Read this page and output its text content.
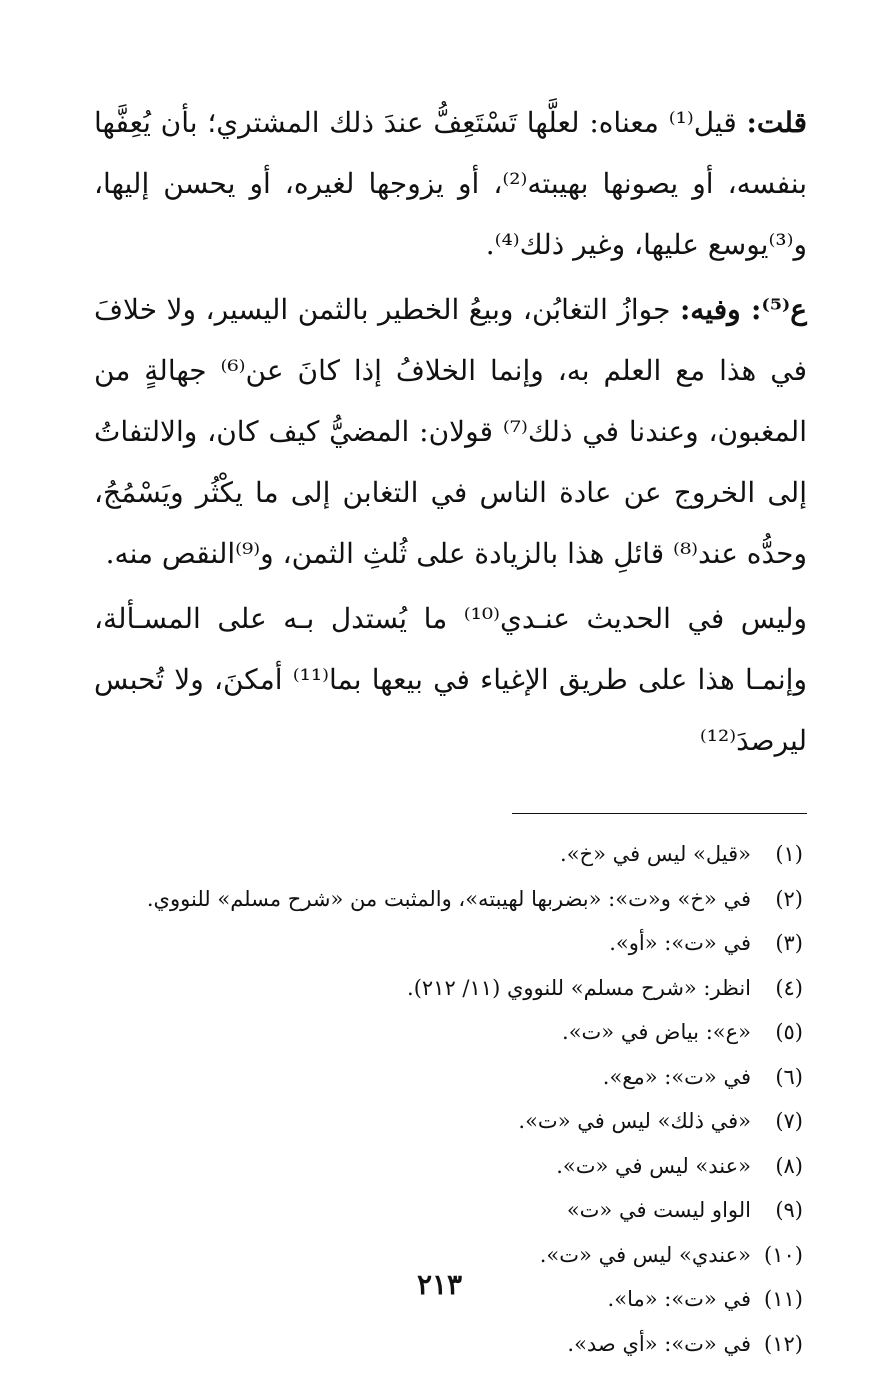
قلت: قيل⁽¹⁾ معناه: لعلَّها تَسْتَعِفُّ عندَ ذلك المشتري؛ بأن يُعِفَّها بنفسه، أو يصونها بهيبته⁽²⁾، أو يزوجها لغيره، أو يحسن إليها، و⁽³⁾يوسع عليها، وغير ذلك⁽⁴⁾.

ع⁽⁵⁾: وفيه: جوازُ التغابُن، وبيعُ الخطير بالثمن اليسير، ولا خلافَ في هذا مع العلم به، وإنما الخلافُ إذا كانَ عن⁽⁶⁾ جهالةٍ من المغبون، وعندنا في ذلك⁽⁷⁾ قولان: المضيُّ كيف كان، والالتفاتُ إلى الخروج عن عادة الناس في التغابن إلى ما يكْثُر ويَسْمُجُ، وحدُّه عند⁽⁸⁾ قائلِ هذا بالزيادة على ثُلثِ الثمن، و⁽⁹⁾النقص منه.

وليس في الحديث عنـدي⁽¹⁰⁾ ما يُستدل بـه على المسـألة، وإنمـا هذا على طريق الإغياء في بيعها بما⁽¹¹⁾ أمكنَ، ولا تُحبس ليرصدَ⁽¹²⁾

(١)
«قيل» ليس في «خ».
(٢)
في «خ» و«ت»: «بضربها لهيبته»، والمثبت من «شرح مسلم» للنووي.
(٣)
في «ت»: «أو».
(٤)
انظر: «شرح مسلم» للنووي (١١/ ٢١٢).
(٥)
«ع»: بياض في «ت».
(٦)
في «ت»: «مع».
(٧)
«في ذلك» ليس في «ت».
(٨)
«عند» ليس في «ت».
(٩)
الواو ليست في «ت»
(١٠)
«عندي» ليس في «ت».
(١١)
في «ت»: «ما».
(١٢)
في «ت»: «أي صد».
٢١٣
